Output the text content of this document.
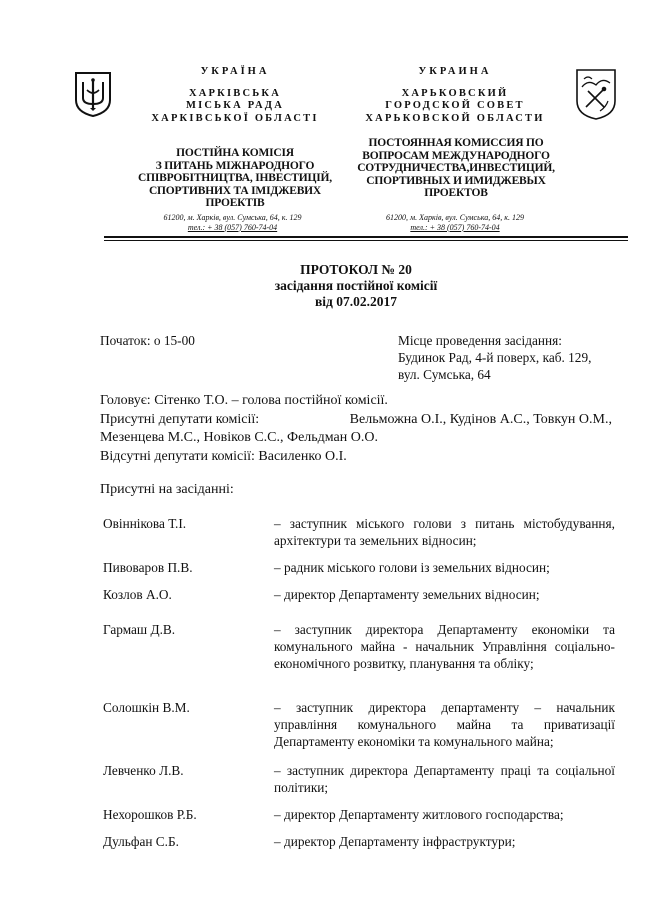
УКРАЇНА
ХАРКІВСЬКА
МІСЬКА РАДА
ХАРКІВСЬКОЇ ОБЛАСТІ
ПОСТІЙНА КОМІСІЯ
З ПИТАНЬ МІЖНАРОДНОГО
СПІВРОБІТНИЦТВА, ІНВЕСТИЦІЙ,
СПОРТИВНИХ ТА ІМІДЖЕВИХ
ПРОЕКТІВ
61200, м. Харків, вул. Сумська, 64, к. 129
тел.: + 38 (057) 760-74-04
УКРАИНА
ХАРЬКОВСКИЙ
ГОРОДСКОЙ СОВЕТ
ХАРЬКОВСКОЙ ОБЛАСТИ
ПОСТОЯННАЯ КОМИССИЯ ПО
ВОПРОСАМ МЕЖДУНАРОДНОГО
СОТРУДНИЧЕСТВА,ИНВЕСТИЦИЙ,
СПОРТИВНЫХ И ИМИДЖЕВЫХ
ПРОЕКТОВ
61200, м. Харків, вул. Сумська, 64, к. 129
тел.: + 38 (057) 760-74-04
ПРОТОКОЛ № 20
засідання постійної комісії
від 07.02.2017
Початок: о 15-00	Місце проведення засідання:
Будинок Рад, 4-й поверх, каб. 129,
вул. Сумська, 64
Головує: Сітенко Т.О. – голова постійної комісії.
Присутні депутати комісії:	Вельможна О.І., Кудінов А.С., Товкун О.М.,
Мезенцева М.С., Новіков С.С., Фельдман О.О.
Відсутні депутати комісії: Василенко О.І.
Присутні на засіданні:
Овіннікова Т.І.	– заступник міського голови з питань містобудування, архітектури та земельних відносин;
Пивоваров П.В.	– радник міського голови із земельних відносин;
Козлов А.О.	– директор Департаменту земельних відносин;
Гармаш Д.В.	– заступник директора Департаменту економіки та комунального майна - начальник Управління соціально-економічного розвитку, планування та обліку;
Солошкін В.М.	– заступник директора департаменту – начальник управління комунального майна та приватизації Департаменту економіки та комунального майна;
Левченко Л.В.	– заступник директора Департаменту праці та соціальної політики;
Нехорошков Р.Б.	– директор Департаменту житлового господарства;
Дульфан С.Б.	– директор Департаменту інфраструктури;
